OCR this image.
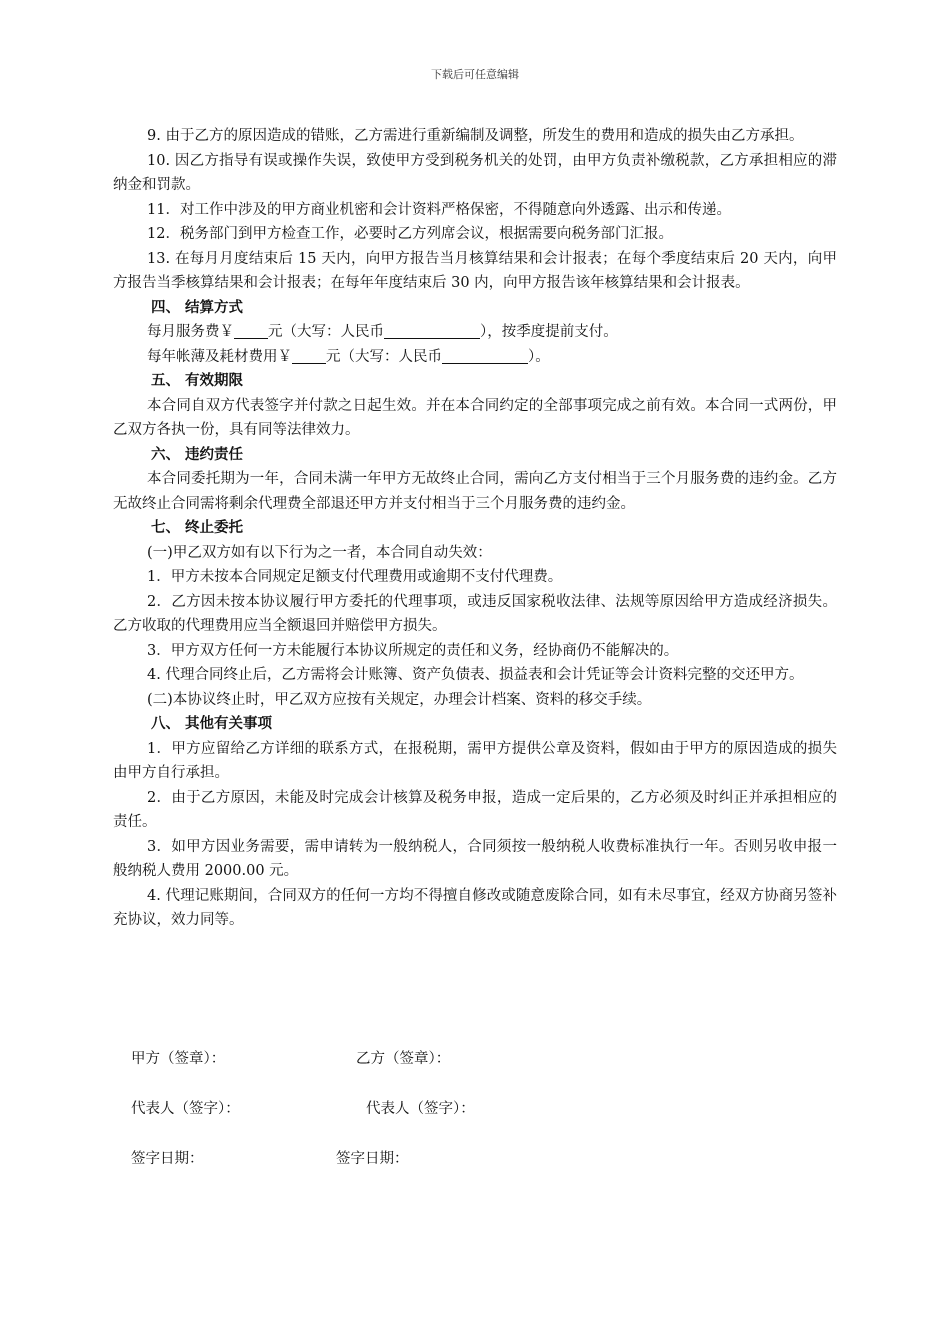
下载后可任意编辑

9. 由于乙方的原因造成的错账，乙方需进行重新编制及调整，所发生的费用和造成的损失由乙方承担。

10. 因乙方指导有误或操作失误，致使甲方受到税务机关的处罚，由甲方负责补缴税款，乙方承担相应的滞纳金和罚款。

11．对工作中涉及的甲方商业机密和会计资料严格保密，不得随意向外透露、出示和传递。

12．税务部门到甲方检查工作，必要时乙方列席会议，根据需要向税务部门汇报。

13. 在每月月度结束后 15 天内，向甲方报告当月核算结果和会计报表；在每个季度结束后 20 天内，向甲方报告当季核算结果和会计报表；在每年年度结束后 30 内，向甲方报告该年核算结果和会计报表。

四、 结算方式

每月服务费￥ 元（大写：人民币	），按季度提前支付。

每年帐薄及耗材费用￥ 元（大写：人民币	）。

五、 有效期限

本合同自双方代表签字并付款之日起生效。并在本合同约定的全部事项完成之前有效。本合同一式两份，甲乙双方各执一份，具有同等法律效力。

六、 违约责任

本合同委托期为一年，合同未满一年甲方无故终止合同，需向乙方支付相当于三个月服务费的违约金。乙方无故终止合同需将剩余代理费全部退还甲方并支付相当于三个月服务费的违约金。

七、 终止委托

(一)甲乙双方如有以下行为之一者，本合同自动失效：

1．甲方未按本合同规定足额支付代理费用或逾期不支付代理费。

2．乙方因未按本协议履行甲方委托的代理事项，或违反国家税收法律、法规等原因给甲方造成经济损失。乙方收取的代理费用应当全额退回并赔偿甲方损失。

3．甲方双方任何一方未能履行本协议所规定的责任和义务，经协商仍不能解决的。

4. 代理合同终止后，乙方需将会计账簿、资产负债表、损益表和会计凭证等会计资料完整的交还甲方。

(二)本协议终止时，甲乙双方应按有关规定，办理会计档案、资料的移交手续。

八、 其他有关事项

1．甲方应留给乙方详细的联系方式，在报税期，需甲方提供公章及资料，假如由于甲方的原因造成的损失由甲方自行承担。

2．由于乙方原因，未能及时完成会计核算及税务申报，造成一定后果的，乙方必须及时纠正并承担相应的责任。

3．如甲方因业务需要，需申请转为一般纳税人，合同须按一般纳税人收费标准执行一年。否则另收申报一般纳税人费用 2000.00 元。

4. 代理记账期间，合同双方的任何一方均不得擅自修改或随意废除合同，如有未尽事宜，经双方协商另签补充协议，效力同等。

甲方（签章）：	乙方（签章）：
代表人（签字）：	代表人（签字）：
签字日期：	签字日期：
